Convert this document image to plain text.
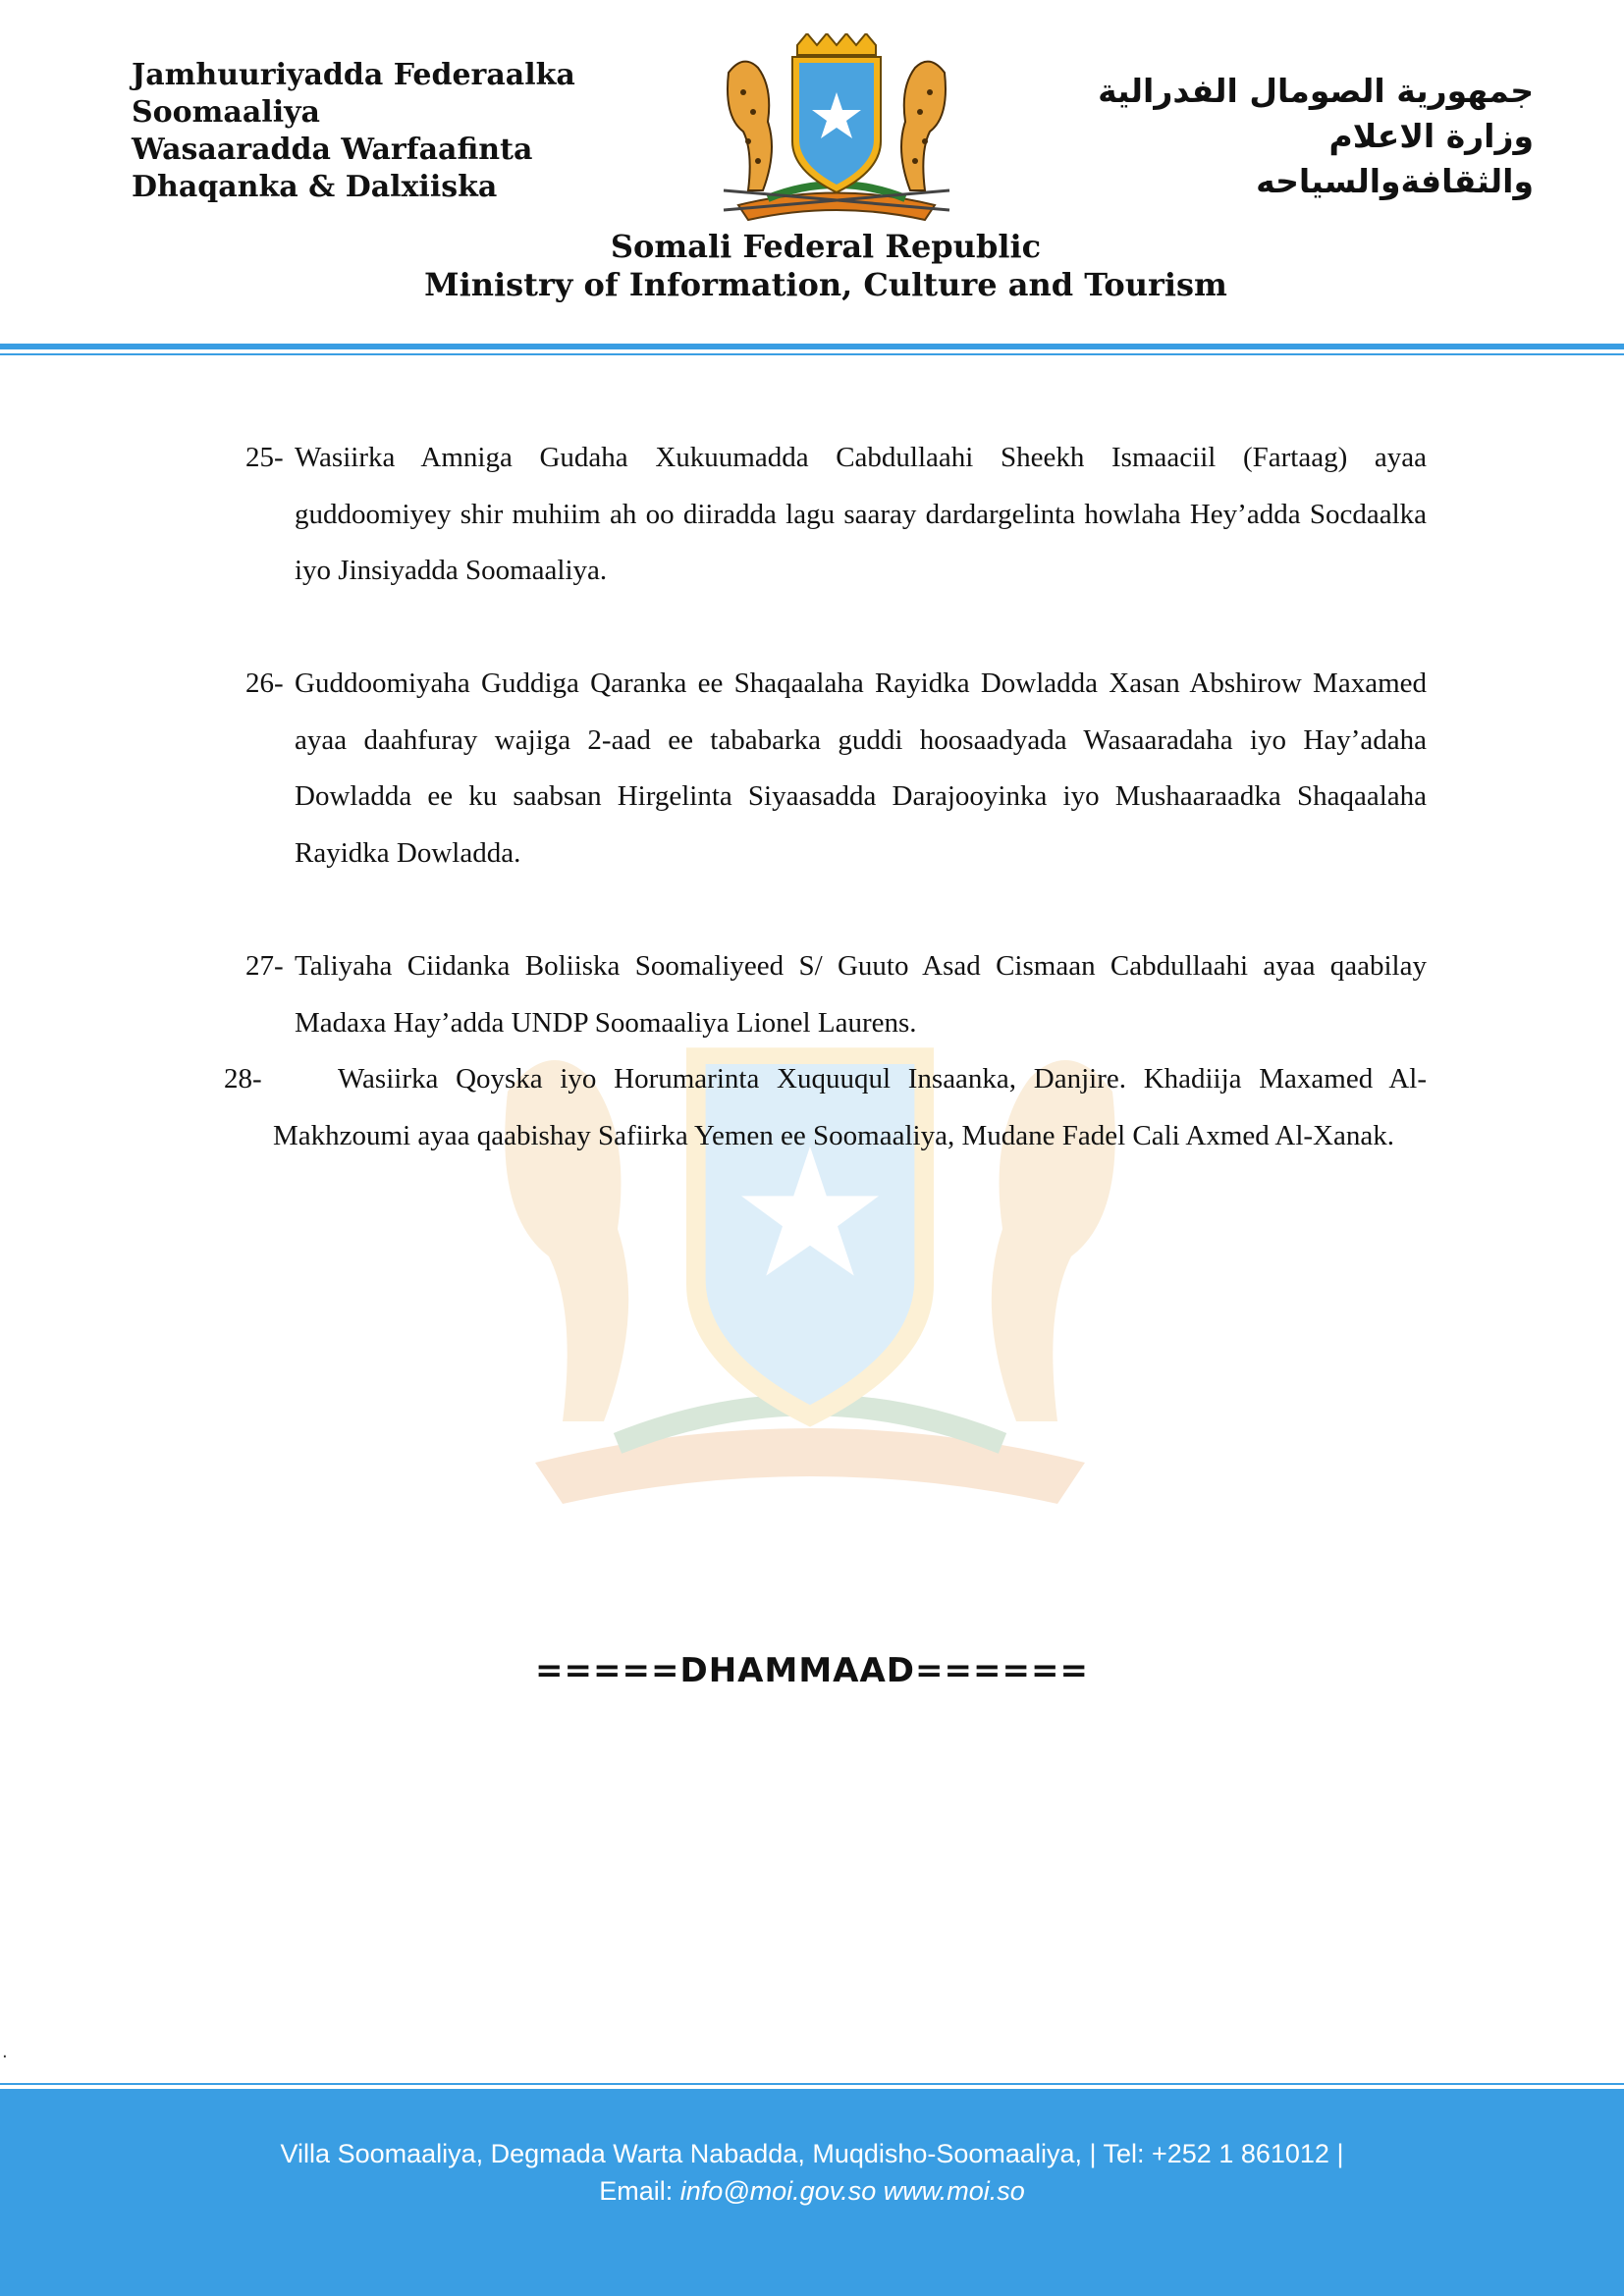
Jamhuuriyadda Federaalka
Soomaaliya
Wasaaradda Warfaafinta
Dhaqanka & Dalxiiska
جمهورية الصومال الفدرالية
وزارة الاعلام
والثقافةوالسياحه
Somali Federal Republic
Ministry of Information, Culture and Tourism
25- Wasiirka Amniga Gudaha Xukuumadda Cabdullaahi Sheekh Ismaaciil (Fartaag) ayaa guddoomiyey shir muhiim ah oo diiradda lagu saaray dardargelinta howlaha Hey’adda Socdaalka iyo Jinsiyadda Soomaaliya.
26- Guddoomiyaha Guddiga Qaranka ee Shaqaalaha Rayidka Dowladda Xasan Abshirow Maxamed ayaa daahfuray wajiga 2-aad ee tababarka guddi hoosaadyada Wasaaradaha iyo Hay’adaha Dowladda ee ku saabsan Hirgelinta Siyaasadda Darajooyinka iyo Mushaaraadka Shaqaalaha Rayidka Dowladda.
27- Taliyaha Ciidanka Boliiska Soomaliyeed S/ Guuto Asad Cismaan Cabdullaahi ayaa qaabilay Madaxa Hay’adda UNDP Soomaaliya Lionel Laurens.
28-	Wasiirka Qoyska iyo Horumarinta Xuquuqul Insaanka, Danjire. Khadiija Maxamed Al-Makhzoumi ayaa qaabishay Safiirka Yemen ee Soomaaliya, Mudane Fadel Cali Axmed Al-Xanak.
=====DHAMMAAD======
.
Villa Soomaaliya, Degmada Warta Nabadda, Muqdisho-Soomaaliya, | Tel: +252 1 861012 |
Email: info@moi.gov.so www.moi.so
